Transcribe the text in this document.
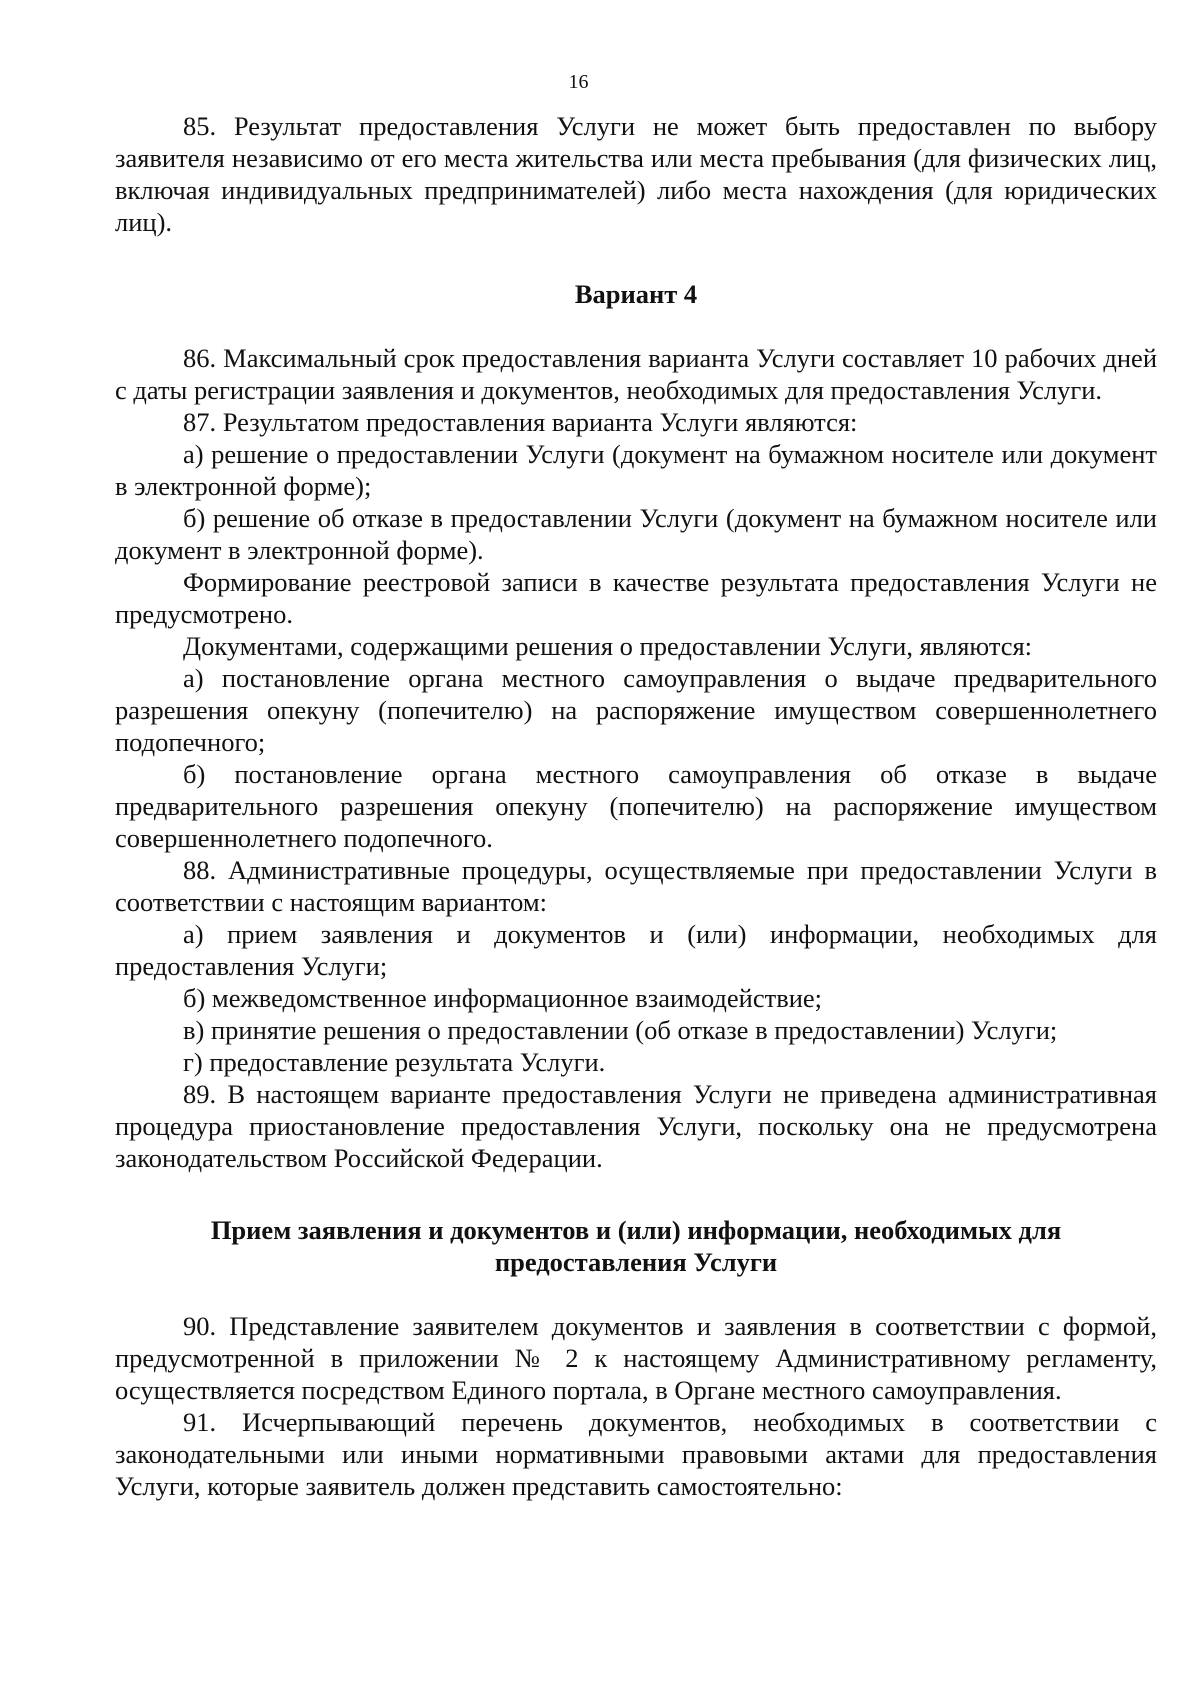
16

85. Результат предоставления Услуги не может быть предоставлен по выбору заявителя независимо от его места жительства или места пребывания (для физических лиц, включая индивидуальных предпринимателей) либо места нахождения (для юридических лиц).

Вариант 4

86. Максимальный срок предоставления варианта Услуги составляет 10 рабочих дней с даты регистрации заявления и документов, необходимых для предоставления Услуги.

87. Результатом предоставления варианта Услуги являются:

а) решение о предоставлении Услуги (документ на бумажном носителе или документ в электронной форме);

б) решение об отказе в предоставлении Услуги (документ на бумажном носителе или документ в электронной форме).

Формирование реестровой записи в качестве результата предоставления Услуги не предусмотрено.

Документами, содержащими решения о предоставлении Услуги, являются:

а) постановление органа местного самоуправления о выдаче предварительного разрешения опекуну (попечителю) на распоряжение имуществом совершеннолетнего подопечного;

б) постановление органа местного самоуправления об отказе в выдаче предварительного разрешения опекуну (попечителю) на распоряжение имуществом совершеннолетнего подопечного.

88. Административные процедуры, осуществляемые при предоставлении Услуги в соответствии с настоящим вариантом:

а) прием заявления и документов и (или) информации, необходимых для предоставления Услуги;

б) межведомственное информационное взаимодействие;

в) принятие решения о предоставлении (об отказе в предоставлении) Услуги;

г) предоставление результата Услуги.

89. В настоящем варианте предоставления Услуги не приведена административная процедура приостановление предоставления Услуги, поскольку она не предусмотрена законодательством Российской Федерации.

Прием заявления и документов и (или) информации, необходимых для
предоставления Услуги

90. Представление заявителем документов и заявления в соответствии с формой, предусмотренной в приложении № 2 к настоящему Административному регламенту, осуществляется посредством Единого портала, в Органе местного самоуправления.

91. Исчерпывающий перечень документов, необходимых в соответствии с законодательными или иными нормативными правовыми актами для предоставления Услуги, которые заявитель должен представить самостоятельно:
